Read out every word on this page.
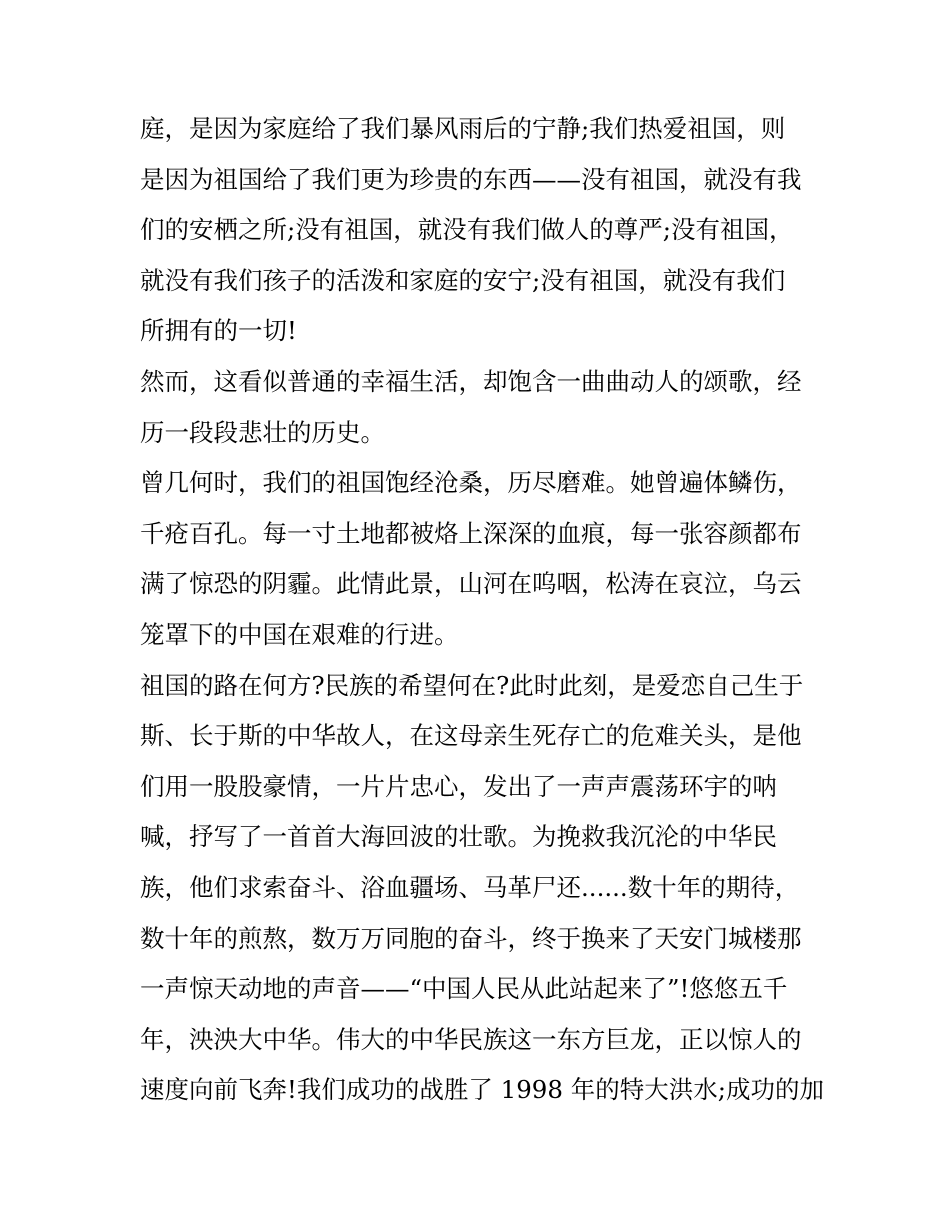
庭，是因为家庭给了我们暴风雨后的宁静;我们热爱祖国，则
是因为祖国给了我们更为珍贵的东西——没有祖国，就没有我
们的安栖之所;没有祖国，就没有我们做人的尊严;没有祖国，
就没有我们孩子的活泼和家庭的安宁;没有祖国，就没有我们
所拥有的一切!
然而，这看似普通的幸福生活，却饱含一曲曲动人的颂歌，经
历一段段悲壮的历史。
曾几何时，我们的祖国饱经沧桑，历尽磨难。她曾遍体鳞伤，
千疮百孔。每一寸土地都被烙上深深的血痕，每一张容颜都布
满了惊恐的阴霾。此情此景，山河在呜咽，松涛在哀泣，乌云
笼罩下的中国在艰难的行进。
祖国的路在何方?民族的希望何在?此时此刻，是爱恋自己生于
斯、长于斯的中华故人，在这母亲生死存亡的危难关头，是他
们用一股股豪情，一片片忠心，发出了一声声震荡环宇的呐
喊，抒写了一首首大海回波的壮歌。为挽救我沉沦的中华民
族，他们求索奋斗、浴血疆场、马革尸还......数十年的期待，
数十年的煎熬，数万万同胞的奋斗，终于换来了天安门城楼那
一声惊天动地的声音——“中国人民从此站起来了”!悠悠五千
年，泱泱大中华。伟大的中华民族这一东方巨龙，正以惊人的
速度向前飞奔!我们成功的战胜了 1998 年的特大洪水;成功的加
